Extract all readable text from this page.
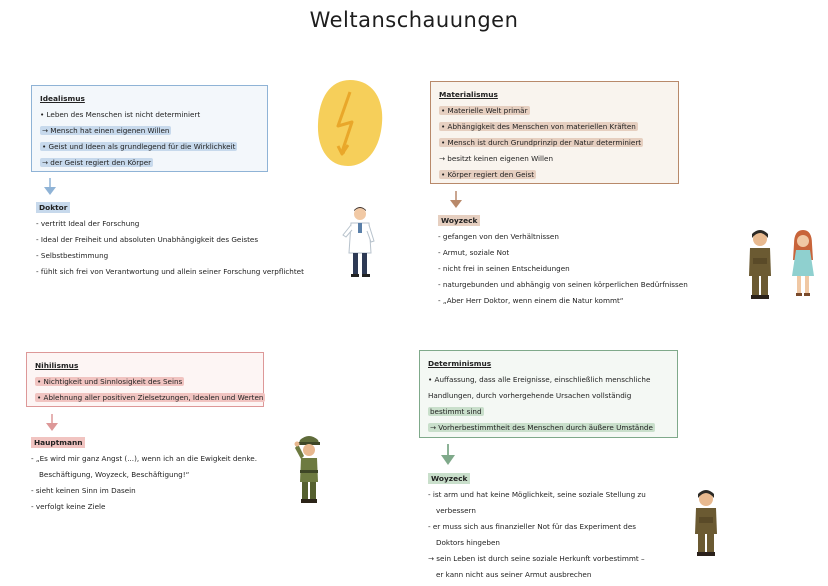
Weltanschauungen
Idealismus
• Leben des Menschen ist nicht determiniert
→ Mensch hat einen eigenen Willen
• Geist und Ideen als grundlegend für die Wirklichkeit
→ der Geist regiert den Körper
Doktor
- vertritt Ideal der Forschung
- Ideal der Freiheit und absoluten Unabhängigkeit des Geistes
- Selbstbestimmung
- fühlt sich frei von Verantwortung und allein seiner Forschung verpflichtet
Materialismus
• Materielle Welt primär
• Abhängigkeit des Menschen von materiellen Kräften
• Mensch ist durch Grundprinzip der Natur determiniert
→ besitzt keinen eigenen Willen
• Körper regiert den Geist
Woyzeck
- gefangen von den Verhältnissen
- Armut, soziale Not
- nicht frei in seinen Entscheidungen
- naturgebunden und abhängig von seinen körperlichen Bedürfnissen
- „Aber Herr Doktor, wenn einem die Natur kommt“
Nihilismus
• Nichtigkeit und Sinnlosigkeit des Seins
• Ablehnung aller positiven Zielsetzungen, Idealen und Werten
Hauptmann
- „Es wird mir ganz Angst (...), wenn ich an die Ewigkeit denke.
Beschäftigung, Woyzeck, Beschäftigung!“
- sieht keinen Sinn im Dasein
- verfolgt keine Ziele
Determinismus
• Auffassung, dass alle Ereignisse, einschließlich menschliche
Handlungen, durch vorhergehende Ursachen vollständig
bestimmt sind
→ Vorherbestimmtheit des Menschen durch äußere Umstände
Woyzeck
- ist arm und hat keine Möglichkeit, seine soziale Stellung zu
verbessern
- er muss sich aus finanzieller Not für das Experiment des
Doktors hingeben
→ sein Leben ist durch seine soziale Herkunft vorbestimmt –
er kann nicht aus seiner Armut ausbrechen
